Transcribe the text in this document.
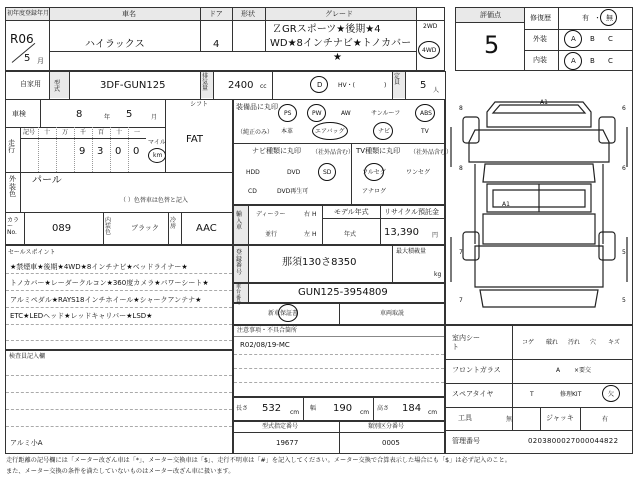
初年度登録年月
R06
5 月
車名
ハイラックス
ドア
4
形状	グレード
ＺGRスポーツ★後期★4
WD★8インチナビ★トノカバー
★
2WD
4WD
自家用 型式	3DF-GUN125
排気量 2400 cc	D	HV・(	)
定員 5 人
評価点
5
修復歴	有 ・ 無
外装	A B C
内装	A B C
車検	8	年 5	月
シフト
FAT
走行
記号 十 万 千 百 十 一
9 3 0 0
マイル
km
外装色
パール
（ ）色替車は色替と記入
カラーNo.	089
内装色
ブラック
冷房 AAC
セールスポイント
★禁煙車★後期★4WD★8インチナビ★ベッドライナー★
トノカバー★レーダークルコン★360度カメラ★パワーシート★
アルミペダル★RAYS18インチホイール★シャークアンテナ★
ETC★LEDヘッド★レッドキャリパー★LSD★
検査員記入欄
アルミ小A
装備品に丸印
（純正のみ）
PS	PW	AW	サンルーフ	ABS
本革	エアバッグ	ナビ	TV
ナビ種類に丸印 （社外品含む）
HDD	DVD	SD
CD	DVD再生可
TV種類に丸印 （社外品含む）
フルセグ	ワンセグ
アナログ
輸入車
ディーラー
並行
右 H
左 H
モデル年式
年式
リサイクル預託金
13,390 円
登録番号
那須130さ8350
最大積載量
kg
車台番号
GUN125-3954809
新車保証書	車両取説
注意事項・不具合箇所
R02/08/19-MC
長さ 532 cm
幅 190 cm
高さ 184 cm
型式指定番号
19677
類別区分番号
0005
A1
A1
8	6
8	6
7	5
7	5
室内シート
コゲ 破れ 汚れ 穴 キズ
フロントガラス	A ×要交
スペアタイヤ	T	修理KIT	欠
工具	無	ジャッキ	有
管理番号	0203800027000044822
走行距離の記号欄には「メーター改ざん車は「*」、メーター交換車は「$」、走行不明車は「#」を記入してください。メーター交換で合算表示した場合にも「$」は必ず記入のこと。
また、メーター交換の条件を満たしていないものはメーター改ざん車に扱います。
